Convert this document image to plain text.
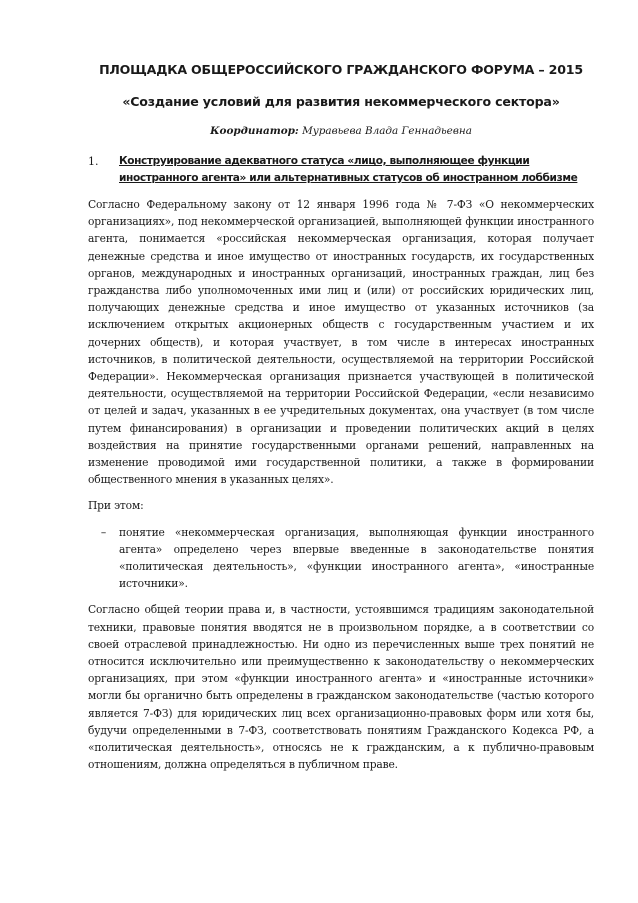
ПЛОЩАДКА ОБЩЕРОССИЙСКОГО ГРАЖДАНСКОГО ФОРУМА – 2015
«Создание условий для развития некоммерческого сектора»
Координатор: Муравьева Влада Геннадьевна
1.	Конструирование адекватного статуса «лицо, выполняющее функции иностранного агента» или альтернативных статусов об иностранном лоббизме

Согласно Федеральному закону от 12 января 1996 года № 7-ФЗ «О некоммерческих организациях», под некоммерческой организацией, выполняющей функции иностранного агента, понимается «российская некоммерческая организация, которая получает денежные средства и иное имущество от иностранных государств, их государственных органов, международных и иностранных организаций, иностранных граждан, лиц без гражданства либо уполномоченных ими лиц и (или) от российских юридических лиц, получающих денежные средства и иное имущество от указанных источников (за исключением открытых акционерных обществ с государственным участием и их дочерних обществ), и которая участвует, в том числе в интересах иностранных источников, в политической деятельности, осуществляемой на территории Российской Федерации». Некоммерческая организация признается участвующей в политической деятельности, осуществляемой на территории Российской Федерации, «если независимо от целей и задач, указанных в ее учредительных документах, она участвует (в том числе путем финансирования) в организации и проведении политических акций в целях воздействия на принятие государственными органами решений, направленных на изменение проводимой ими государственной политики, а также в формировании общественного мнения в указанных целях».

При этом:

–	понятие «некоммерческая организация, выполняющая функции иностранного агента» определено через впервые введенные в законодательстве понятия «политическая деятельность», «функции иностранного агента», «иностранные источники».

Согласно общей теории права и, в частности, устоявшимся традициям законодательной техники, правовые понятия вводятся не в произвольном порядке, а в соответствии со своей отраслевой принадлежностью. Ни одно из перечисленных выше трех понятий не относится исключительно или преимущественно к законодательству о некоммерческих организациях, при этом «функции иностранного агента» и «иностранные источники» могли бы органично быть определены в гражданском законодательстве (частью которого является 7-ФЗ) для юридических лиц всех организационно-правовых форм или хотя бы, будучи определенными в 7-ФЗ, соответствовать понятиям Гражданского Кодекса РФ, а «политическая деятельность», относясь не к гражданским, а к публично-правовым отношениям, должна определяться в публичном праве.
